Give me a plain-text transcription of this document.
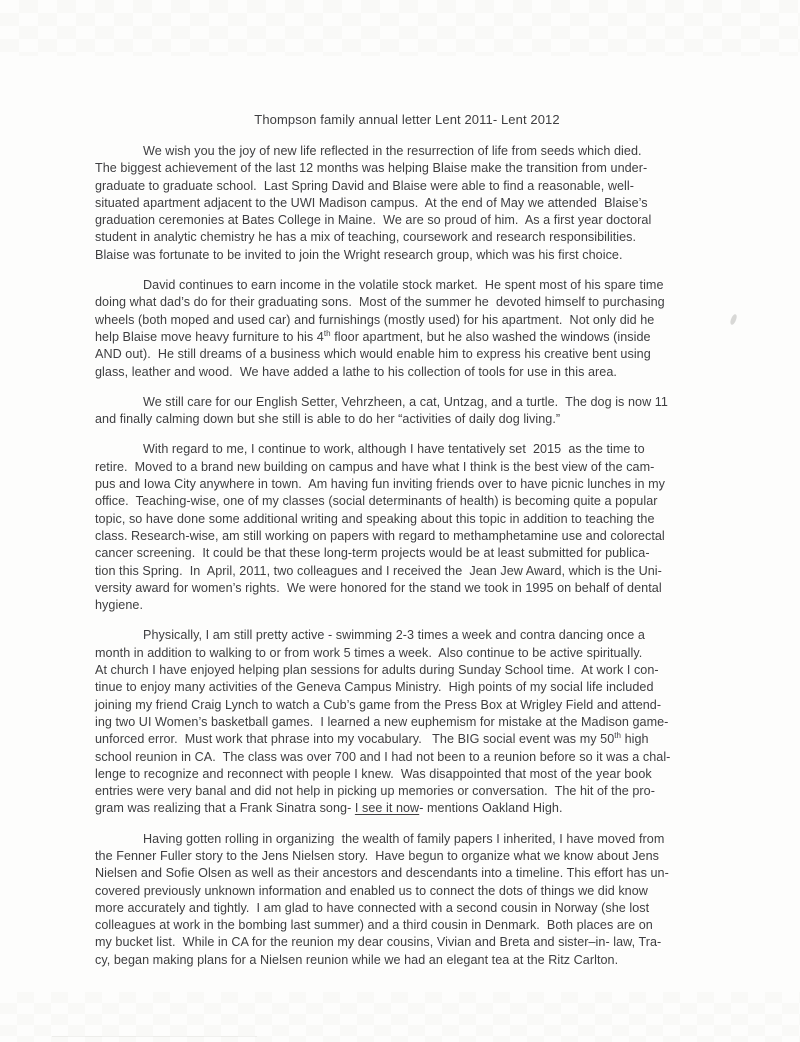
Thompson family annual letter Lent 2011- Lent 2012
We wish you the joy of new life reflected in the resurrection of life from seeds which died.
The biggest achievement of the last 12 months was helping Blaise make the transition from under-
graduate to graduate school.  Last Spring David and Blaise were able to find a reasonable, well-
situated apartment adjacent to the UWI Madison campus.  At the end of May we attended  Blaise’s
graduation ceremonies at Bates College in Maine.  We are so proud of him.  As a first year doctoral
student in analytic chemistry he has a mix of teaching, coursework and research responsibilities.
Blaise was fortunate to be invited to join the Wright research group, which was his first choice.
David continues to earn income in the volatile stock market.  He spent most of his spare time
doing what dad’s do for their graduating sons.  Most of the summer he  devoted himself to purchasing
wheels (both moped and used car) and furnishings (mostly used) for his apartment.  Not only did he
help Blaise move heavy furniture to his 4th floor apartment, but he also washed the windows (inside
AND out).  He still dreams of a business which would enable him to express his creative bent using
glass, leather and wood.  We have added a lathe to his collection of tools for use in this area.
We still care for our English Setter, Vehrzheen, a cat, Untzag, and a turtle.  The dog is now 11
and finally calming down but she still is able to do her “activities of daily dog living.”
With regard to me, I continue to work, although I have tentatively set  2015  as the time to
retire.  Moved to a brand new building on campus and have what I think is the best view of the cam-
pus and Iowa City anywhere in town.  Am having fun inviting friends over to have picnic lunches in my
office.  Teaching-wise, one of my classes (social determinants of health) is becoming quite a popular
topic, so have done some additional writing and speaking about this topic in addition to teaching the
class. Research-wise, am still working on papers with regard to methamphetamine use and colorectal
cancer screening.  It could be that these long-term projects would be at least submitted for publica-
tion this Spring.  In  April, 2011, two colleagues and I received the  Jean Jew Award, which is the Uni-
versity award for women’s rights.  We were honored for the stand we took in 1995 on behalf of dental
hygiene.
Physically, I am still pretty active - swimming 2-3 times a week and contra dancing once a
month in addition to walking to or from work 5 times a week.  Also continue to be active spiritually.
At church I have enjoyed helping plan sessions for adults during Sunday School time.  At work I con-
tinue to enjoy many activities of the Geneva Campus Ministry.  High points of my social life included
joining my friend Craig Lynch to watch a Cub’s game from the Press Box at Wrigley Field and attend-
ing two UI Women’s basketball games.  I learned a new euphemism for mistake at the Madison game-
unforced error.  Must work that phrase into my vocabulary.   The BIG social event was my 50th high
school reunion in CA.  The class was over 700 and I had not been to a reunion before so it was a chal-
lenge to recognize and reconnect with people I knew.  Was disappointed that most of the year book
entries were very banal and did not help in picking up memories or conversation.  The hit of the pro-
gram was realizing that a Frank Sinatra song- I see it now- mentions Oakland High.
Having gotten rolling in organizing  the wealth of family papers I inherited, I have moved from
the Fenner Fuller story to the Jens Nielsen story.  Have begun to organize what we know about Jens
Nielsen and Sofie Olsen as well as their ancestors and descendants into a timeline. This effort has un-
covered previously unknown information and enabled us to connect the dots of things we did know
more accurately and tightly.  I am glad to have connected with a second cousin in Norway (she lost
colleagues at work in the bombing last summer) and a third cousin in Denmark.  Both places are on
my bucket list.  While in CA for the reunion my dear cousins, Vivian and Breta and sister–in- law, Tra-
cy, began making plans for a Nielsen reunion while we had an elegant tea at the Ritz Carlton.
